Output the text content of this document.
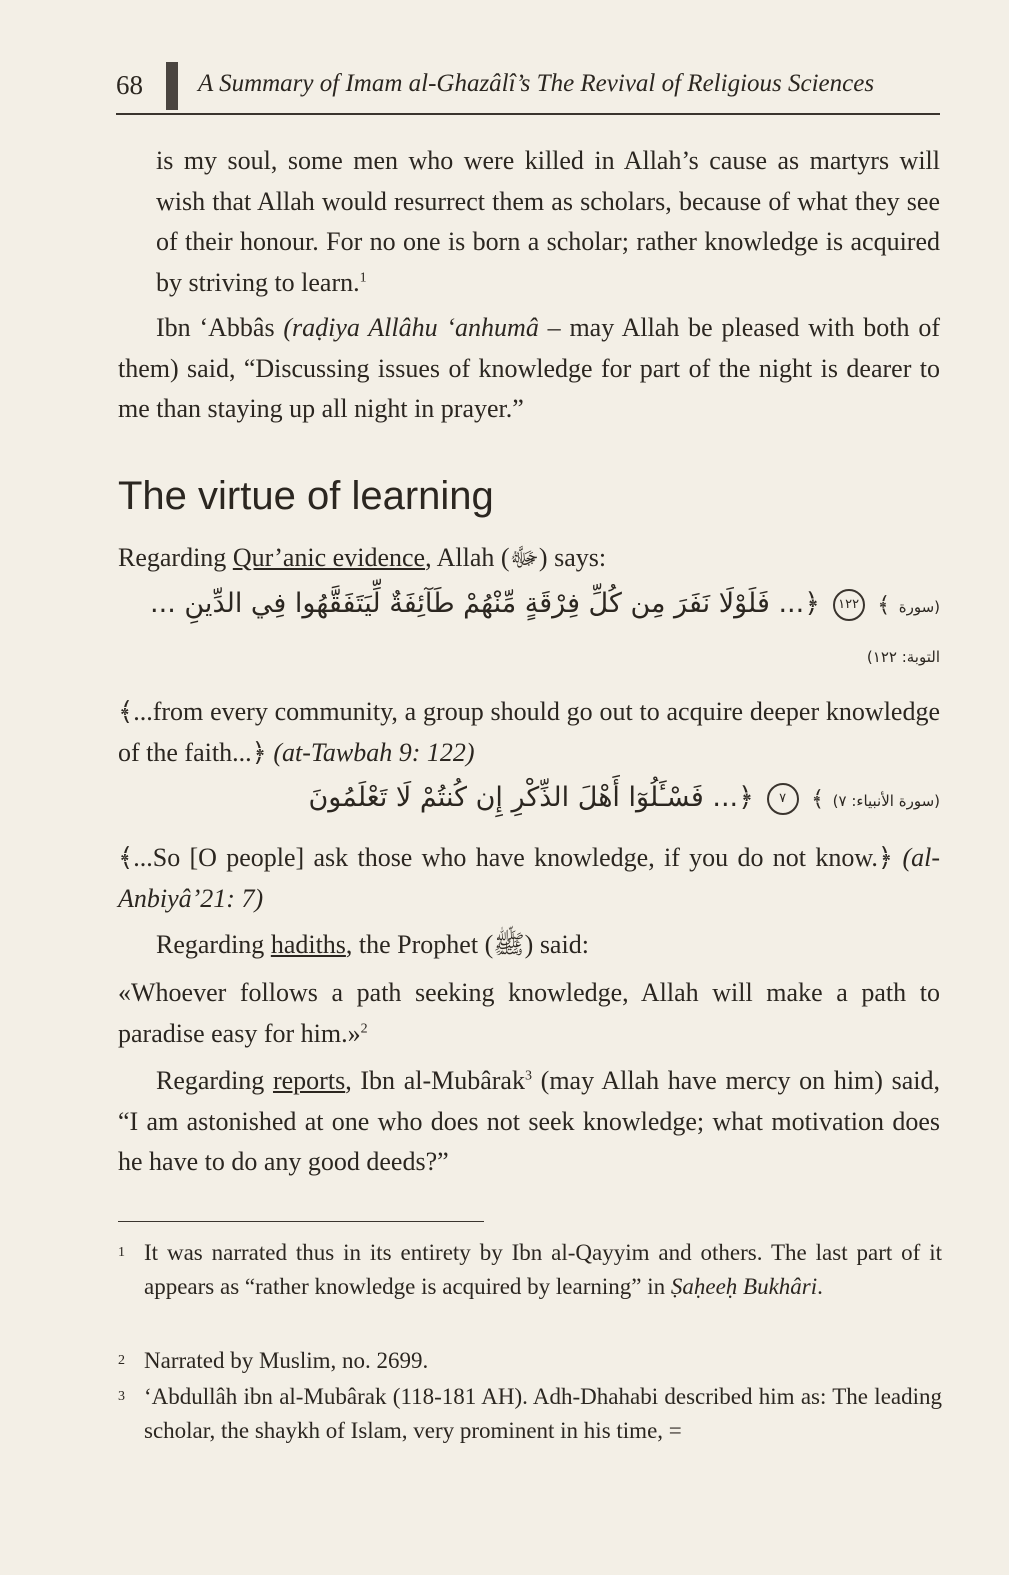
68 A Summary of Imam al-Ghazâlî’s The Revival of Religious Sciences

is my soul, some men who were killed in Allah’s cause as martyrs will wish that Allah would resurrect them as scholars, because of what they see of their honour. For no one is born a scholar; rather knowledge is acquired by striving to learn.$^1$

Ibn ‘Abbâs (raḍiya Allâhu ‘anhumâ – may Allah be pleased with both of them) said, “Discussing issues of knowledge for part of the night is dearer to me than staying up all night in prayer.”

The virtue of learning

Regarding Qur’anic evidence, Allah (ﷻ) says:

(سورة ﴾ ١٢٢ ﴿... فَلَوْلَا نَفَرَ مِن كُلِّ فِرْقَةٍ مِّنْهُمْ طَآئِفَةٌ لِّيَتَفَقَّهُوا فِي الدِّينِ ...
التوبة: ١٢٢)

﴾...from every community, a group should go out to acquire deeper knowledge of the faith...﴿ (at-Tawbah 9: 122)

(سورة الأنبياء: ٧) ﴾ ٧ ﴿... فَسْـَٔلُوٓا أَهْلَ الذِّكْرِ إِن كُنتُمْ لَا تَعْلَمُونَ

﴾...So [O people] ask those who have knowledge, if you do not know.﴿ (al-Anbiyâ’21: 7)

Regarding hadiths, the Prophet (ﷺ) said:

«Whoever follows a path seeking knowledge, Allah will make a path to paradise easy for him.»$^2$

Regarding reports, Ibn al-Mubârak$^3$ (may Allah have mercy on him) said, “I am astonished at one who does not seek knowledge; what motivation does he have to do any good deeds?”

1 It was narrated thus in its entirety by Ibn al-Qayyim and others. The last part of it appears as “rather knowledge is acquired by learning” in Ṣaḥeeḥ Bukhâri.

2 Narrated by Muslim, no. 2699.

3 ‘Abdullâh ibn al-Mubârak (118-181 AH). Adh-Dhahabi described him as: The leading scholar, the shaykh of Islam, very prominent in his time, =
